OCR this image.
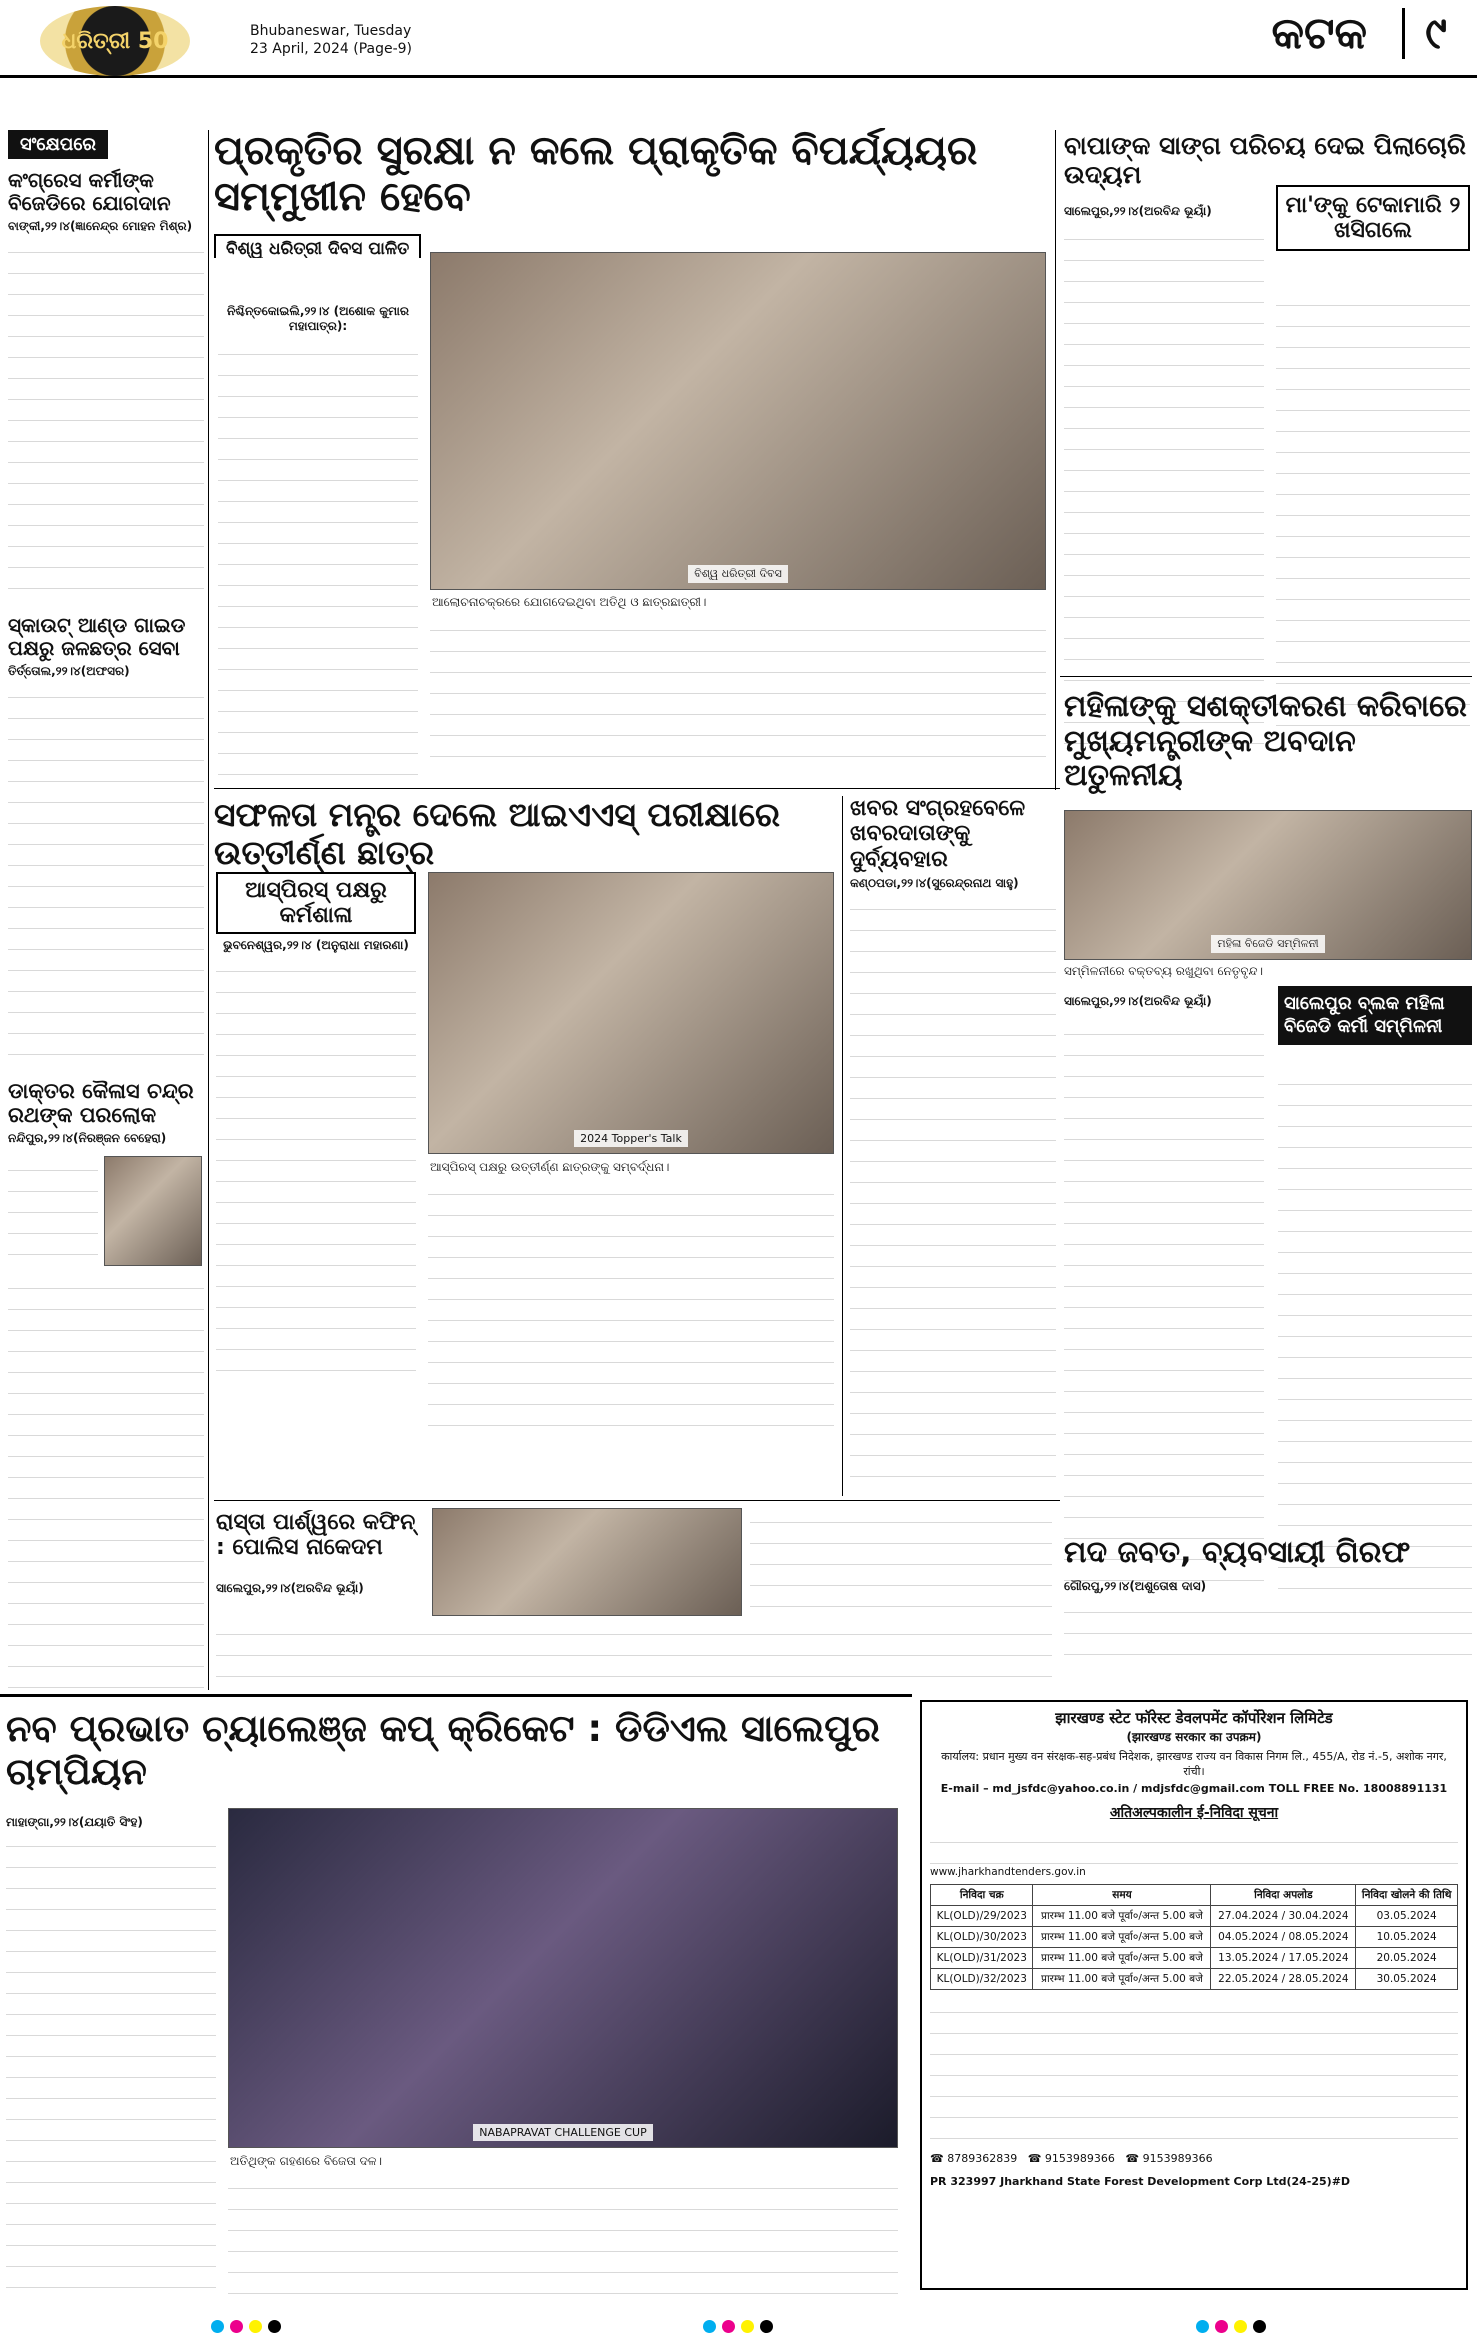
ଧରିତ୍ରୀ 50	Bhubaneswar, Tuesday
23 April, 2024 (Page-9)	କଟକ	୯
ସଂକ୍ଷେପରେ
କଂଗ୍ରେସ କର୍ମୀଙ୍କ ବିଜେଡିରେ ଯୋଗଦାନ
ବାଙ୍କୀ,୨୨।୪(ଜ୍ଞାନେନ୍ଦ୍ର ମୋହନ ମିଶ୍ର)
ସ୍କାଉଟ୍ ଆଣ୍ଡ ଗାଇଡ ପକ୍ଷରୁ ଜଳଛତ୍ର ସେବା
ତିର୍ତ୍ତୋଲ,୨୨।୪(ଅଫସର)
ଡାକ୍ତର କୈଳାସ ଚନ୍ଦ୍ର ରଥଙ୍କ ପରଲୋକ
ନନ୍ଦିପୁର,୨୨।୪(ନିରଞ୍ଜନ ବେହେରା)
ପ୍ରକୃତିର ସୁରକ୍ଷା ନ କଲେ ପ୍ରାକୃତିକ ବିପର୍ଯ୍ୟୟର ସମ୍ମୁଖୀନ ହେବେ
ବିଶ୍ୱ ଧରିତ୍ରୀ ଦିବସ ପାଳିତ
ନିଶ୍ଚିନ୍ତକୋଇଲି,୨୨।୪ (ଅଶୋକ କୁମାର ମହାପାତ୍ର):
ବିଶ୍ୱ ଧରିତ୍ରୀ ଦିବସ
ଆଲୋଚନାଚକ୍ରରେ ଯୋଗଦେଇଥିବା ଅତିଥି ଓ ଛାତ୍ରଛାତ୍ରୀ।
ବାପାଙ୍କ ସାଙ୍ଗ ପରିଚୟ ଦେଇ ପିଲାଚୋରି ଉଦ୍ୟମ
ସାଲେପୁର,୨୨।୪(ଅରବିନ୍ଦ ଭୂୟାଁ)	ମା'ଙ୍କୁ ଟେକାମାରି ୨ ଖସିଗଲେ
ମହିଳାଙ୍କୁ ସଶକ୍ତୀକରଣ କରିବାରେ ମୁଖ୍ୟମନ୍ତ୍ରୀଙ୍କ ଅବଦାନ ଅତୁଳନୀୟ
ମହିଳା ବିଜେଡି ସମ୍ମିଳନୀ
ସମ୍ମିଳନୀରେ ବକ୍ତବ୍ୟ ରଖୁଥିବା ନେତୃବୃନ୍ଦ।
ସାଲେପୁର,୨୨।୪(ଅରବିନ୍ଦ ଭୂୟାଁ)	ସାଲେପୁର ବ୍ଲକ ମହିଳା ବିଜେଡି କର୍ମୀ ସମ୍ମିଳନୀ
ସଫଳତା ମନ୍ତ୍ର ଦେଲେ ଆଇଏଏସ୍ ପରୀକ୍ଷାରେ ଉତ୍ତୀର୍ଣ୍ଣ ଛାତ୍ର
ଆସ୍ପିରସ୍ ପକ୍ଷରୁ କର୍ମଶାଳା
ଭୁବନେଶ୍ୱର,୨୨।୪ (ଅନୁରାଧା ମହାରଣା)
2024 Topper's Talk
ଆସ୍ପିରସ୍ ପକ୍ଷରୁ ଉତ୍ତୀର୍ଣ୍ଣ ଛାତ୍ରଙ୍କୁ ସମ୍ବର୍ଦ୍ଧନା।
ଖବର ସଂଗ୍ରହବେଳେ ଖବରଦାତାଙ୍କୁ ଦୁର୍ବ୍ୟବହାର
କଣ୍ଠପଡା,୨୨।୪(ସୁରେନ୍ଦ୍ରନାଥ ସାହୁ)
ରାସ୍ତା ପାର୍ଶ୍ୱରେ କଫିନ୍ : ପୋଲିସ ନାକେଦମ
ସାଲେପୁର,୨୨।୪(ଅରବିନ୍ଦ ଭୂୟାଁ)
ମଦ ଜବତ, ବ୍ୟବସାୟୀ ଗିରଫ
ଗୌରପୁ,୨୨।୪(ଅଶୁତୋଷ ଦାସ)
ନବ ପ୍ରଭାତ ଚ୍ୟାଲେଞ୍ଜ କପ୍ କ୍ରିକେଟ : ଡିଡିଏଲ ସାଲେପୁର ଚାମ୍ପିୟନ
ମାହାଙ୍ଗା,୨୨।୪(ଯୟାତି ସିଂହ)
NABAPRAVAT CHALLENGE CUP
ଅତିଥିଙ୍କ ଗହଣରେ ବିଜେତା ଦଳ।
झारखण्ड स्टेट फॉरेस्ट डेवलपमेंट कॉर्पोरेशन लिमिटेड
(झारखण्ड सरकार का उपक्रम)
कार्यालय: प्रधान मुख्य वन संरक्षक-सह-प्रबंध निदेशक, झारखण्ड राज्य वन विकास निगम लि., 455/A, रोड नं.-5, अशोक नगर, रांची।
E-mail – md_jsfdc@yahoo.co.in / mdjsfdc@gmail.com TOLL FREE No. 18008891131
अतिअल्पकालीन ई-निविदा सूचना
www.jharkhandtenders.gov.in
निविदा चक्र	समय	निविदा अपलोड	निविदा खोलने की तिथि
KL(OLD)/29/2023	प्रारम्भ 11.00 बजे पूर्वा०/अन्त 5.00 बजे	27.04.2024 / 30.04.2024	03.05.2024
KL(OLD)/30/2023	प्रारम्भ 11.00 बजे पूर्वा०/अन्त 5.00 बजे	04.05.2024 / 08.05.2024	10.05.2024
KL(OLD)/31/2023	प्रारम्भ 11.00 बजे पूर्वा०/अन्त 5.00 बजे	13.05.2024 / 17.05.2024	20.05.2024
KL(OLD)/32/2023	प्रारम्भ 11.00 बजे पूर्वा०/अन्त 5.00 बजे	22.05.2024 / 28.05.2024	30.05.2024
☎ 8789362839   ☎ 9153989366   ☎ 9153989366
PR 323997 Jharkhand State Forest Development Corp Ltd(24-25)#D
